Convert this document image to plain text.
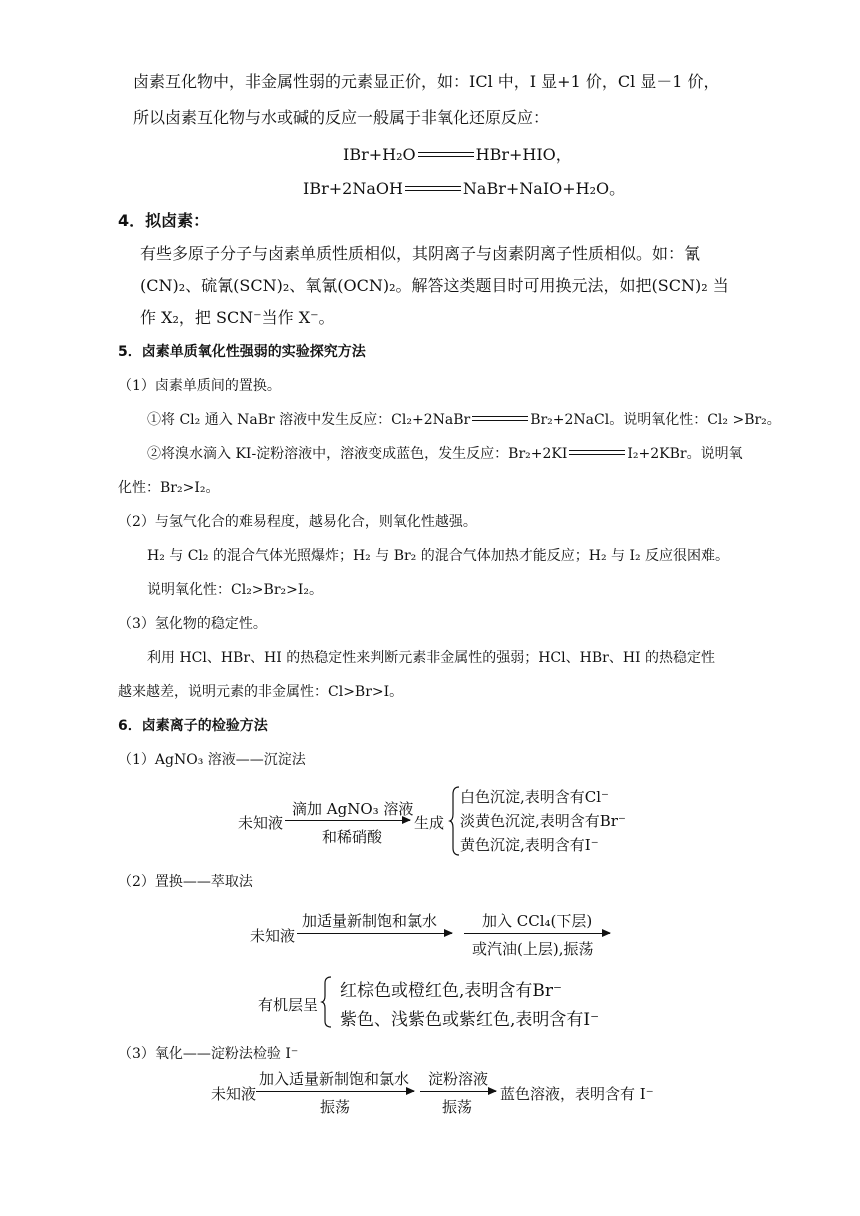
卤素互化物中，非金属性弱的元素显正价，如：ICl 中，I 显+1 价，Cl 显－1 价，
所以卤素互化物与水或碱的反应一般属于非氧化还原反应：
IBr+H₂O	HBr+HIO，
IBr+2NaOH	NaBr+NaIO+H₂O。
4．拟卤素：
有些多原子分子与卤素单质性质相似，其阴离子与卤素阴离子性质相似。如：氰
(CN)₂、硫氰(SCN)₂、氧氰(OCN)₂。解答这类题目时可用换元法，如把(SCN)₂ 当
作 X₂，把 SCN⁻当作 X⁻。
5．卤素单质氧化性强弱的实验探究方法
（1）卤素单质间的置换。
①将 Cl₂ 通入 NaBr 溶液中发生反应：Cl₂+2NaBr	Br₂+2NaCl。说明氧化性：Cl₂ >Br₂。
②将溴水滴入 KI-淀粉溶液中，溶液变成蓝色，发生反应：Br₂+2KI	I₂+2KBr。说明氧
化性：Br₂>I₂。
（2）与氢气化合的难易程度，越易化合，则氧化性越强。
H₂ 与 Cl₂ 的混合气体光照爆炸；H₂ 与 Br₂ 的混合气体加热才能反应；H₂ 与 I₂ 反应很困难。
说明氧化性：Cl₂>Br₂>I₂。
（3）氢化物的稳定性。
利用 HCl、HBr、HI 的热稳定性来判断元素非金属性的强弱；HCl、HBr、HI 的热稳定性
越来越差，说明元素的非金属性：Cl>Br>I。
6．卤素离子的检验方法
（1）AgNO₃ 溶液——沉淀法
未知液
滴加 AgNO₃ 溶液
和稀硝酸
生成
白色沉淀,表明含有Cl⁻
淡黄色沉淀,表明含有Br⁻
黄色沉淀,表明含有I⁻
（2）置换——萃取法
未知液
加适量新制饱和氯水	加入 CCl₄(下层)
或汽油(上层),振荡
有机层呈
红棕色或橙红色,表明含有Br⁻
紫色、浅紫色或紫红色,表明含有I⁻
（3）氧化——淀粉法检验 I⁻
未知液
加入适量新制饱和氯水
振荡
淀粉溶液
振荡
蓝色溶液，表明含有 I⁻
